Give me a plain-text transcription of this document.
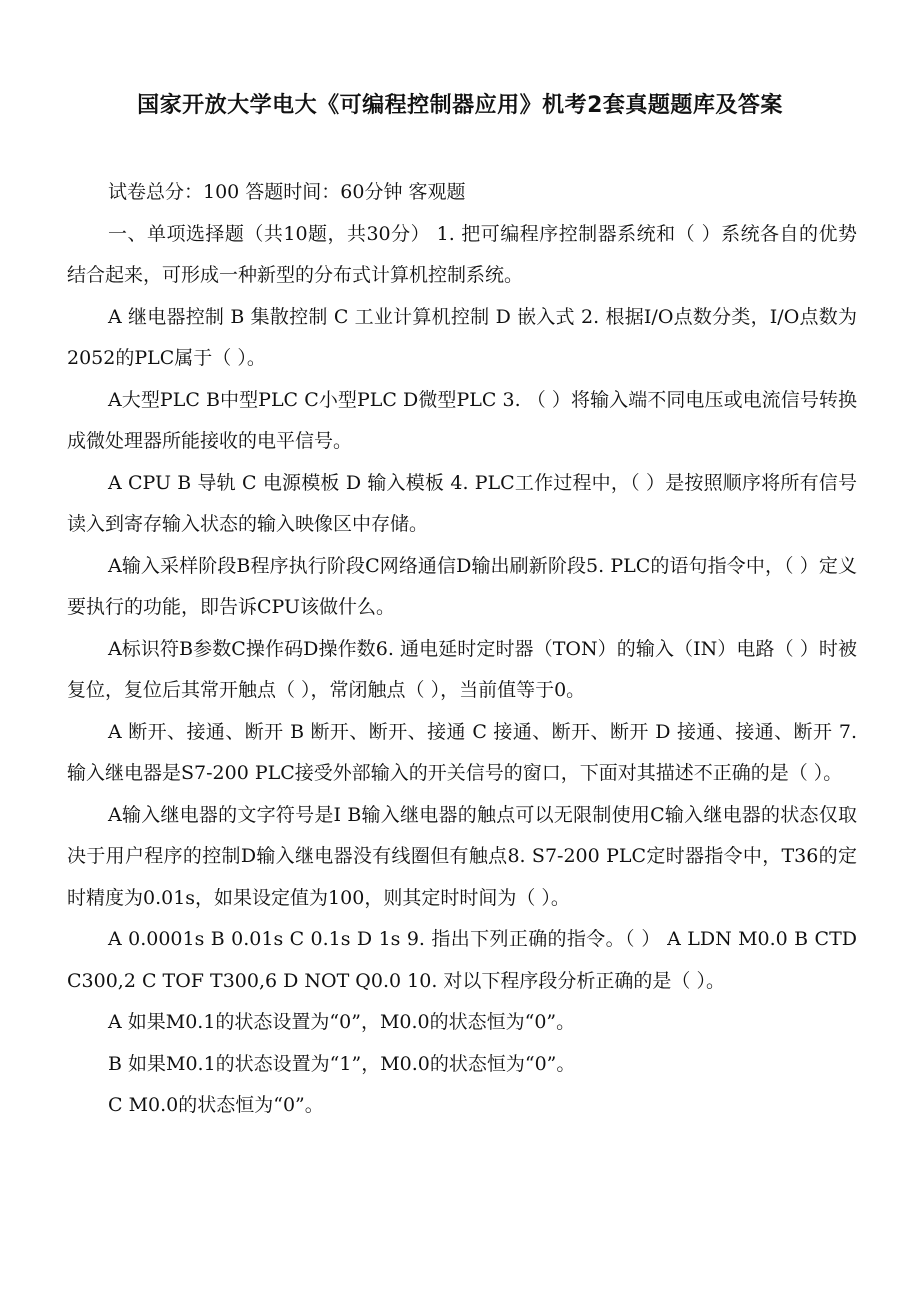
国家开放大学电大《可编程控制器应用》机考2套真题题库及答案

试卷总分：100 答题时间：60分钟 客观题

一、单项选择题（共10题，共30分） 1. 把可编程序控制器系统和（ ）系统各自的优势结合起来，可形成一种新型的分布式计算机控制系统。

A 继电器控制 B 集散控制 C 工业计算机控制 D 嵌入式 2. 根据I/O点数分类，I/O点数为2052的PLC属于（ ）。

A大型PLC B中型PLC C小型PLC D微型PLC 3. （ ）将输入端不同电压或电流信号转换成微处理器所能接收的电平信号。

A CPU B 导轨 C 电源模板 D 输入模板 4. PLC工作过程中，（ ）是按照顺序将所有信号读入到寄存输入状态的输入映像区中存储。

A输入采样阶段B程序执行阶段C网络通信D输出刷新阶段5. PLC的语句指令中，（ ）定义要执行的功能，即告诉CPU该做什么。

A标识符B参数C操作码D操作数6. 通电延时定时器（TON）的输入（IN）电路（ ）时被复位，复位后其常开触点（ ），常闭触点（ ），当前值等于0。

A 断开、接通、断开 B 断开、断开、接通 C 接通、断开、断开 D 接通、接通、断开 7. 输入继电器是S7-200 PLC接受外部输入的开关信号的窗口，下面对其描述不正确的是（ ）。

A输入继电器的文字符号是I B输入继电器的触点可以无限制使用C输入继电器的状态仅取决于用户程序的控制D输入继电器没有线圈但有触点8. S7-200 PLC定时器指令中，T36的定时精度为0.01s，如果设定值为100，则其定时时间为（ ）。

A 0.0001s B 0.01s C 0.1s D 1s 9. 指出下列正确的指令。（ ） A LDN M0.0 B CTD C300,2 C TOF T300,6 D NOT Q0.0 10. 对以下程序段分析正确的是（ ）。

A 如果M0.1的状态设置为“0”，M0.0的状态恒为“0”。

B 如果M0.1的状态设置为“1”，M0.0的状态恒为“0”。

C M0.0的状态恒为“0”。
